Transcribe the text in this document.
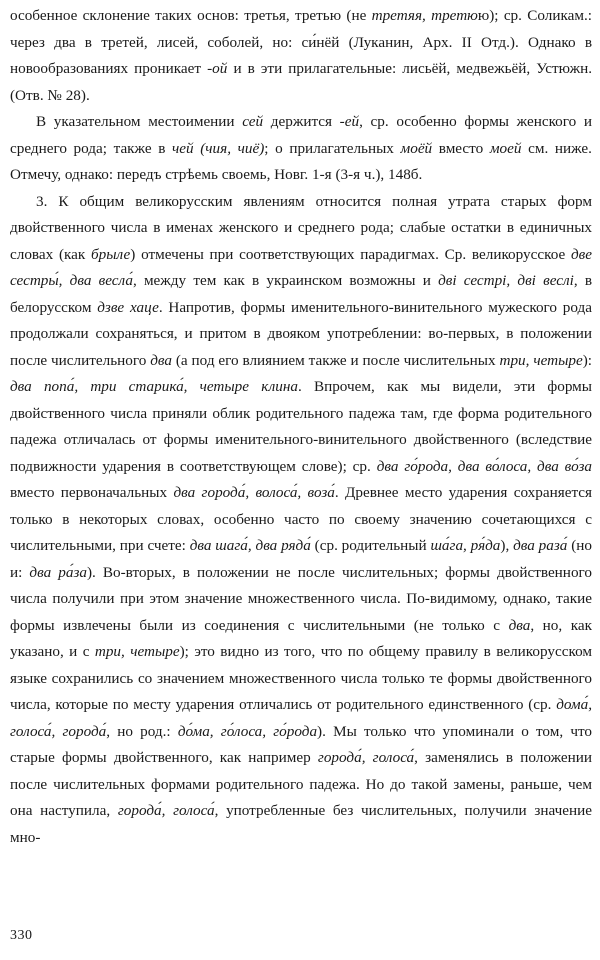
особенное склонение таких основ: третья, третью (не третяя, третюю); ср. Соликам.: через два в третей, лисей, соболей, но: си́нёй (Луканин, Арх. II Отд.). Однако в новообразованиях проникает -ой и в эти прилагательные: лисьёй, медвежьёй, Устюжн. (Отв. № 28).

В указательном местоимении сей держится -ей, ср. особенно формы женского и среднего рода; также в чей (чия, чиё); о прилагательных моёй вместо моей см. ниже. Отмечу, однако: передъ стрѣемь своемь, Новг. 1-я (3-я ч.), 148б.

3. К общим великорусским явлениям относится полная утрата старых форм двойственного числа в именах женского и среднего рода; слабые остатки в единичных словах (как брыле) отмечены при соответствующих парадигмах. Ср. великорусское две сестры́, два весла́, между тем как в украинском возможны и дві сестрі, дві веслі, в белорусском дзве хаце. Напротив, формы именительного-винительного мужеского рода продолжали сохраняться, и притом в двояком употреблении: во-первых, в положении после числительного два (а под его влиянием также и после числительных три, четыре): два попа́, три старика́, четыре клина. Впрочем, как мы видели, эти формы двойственного числа приняли облик родительного падежа там, где форма родительного падежа отличалась от формы именительного-винительного двойственного (вследствие подвижности ударения в соответствующем слове); ср. два го́рода, два во́лоса, два во́за вместо первоначальных два города́, волоса́, воза́. Древнее место ударения сохраняется только в некоторых словах, особенно часто по своему значению сочетающихся с числительными, при счете: два шага́, два ряда́ (ср. родительный ша́га, ря́да), два раза́ (но и: два ра́за). Во-вторых, в положении не после числительных; формы двойственного числа получили при этом значение множественного числа. По-видимому, однако, такие формы извлечены были из соединения с числительными (не только с два, но, как указано, и с три, четыре); это видно из того, что по общему правилу в великорусском языке сохранились со значением множественного числа только те формы двойственного числа, которые по месту ударения отличались от родительного единственного (ср. дома́, голоса́, города́, но род.: до́ма, го́лоса, го́рода). Мы только что упоминали о том, что старые формы двойственного, как например города́, голоса́, заменялись в положении после числительных формами родительного падежа. Но до такой замены, раньше, чем она наступила, города́, голоса́, употребленные без числительных, получили значение мно-

330
